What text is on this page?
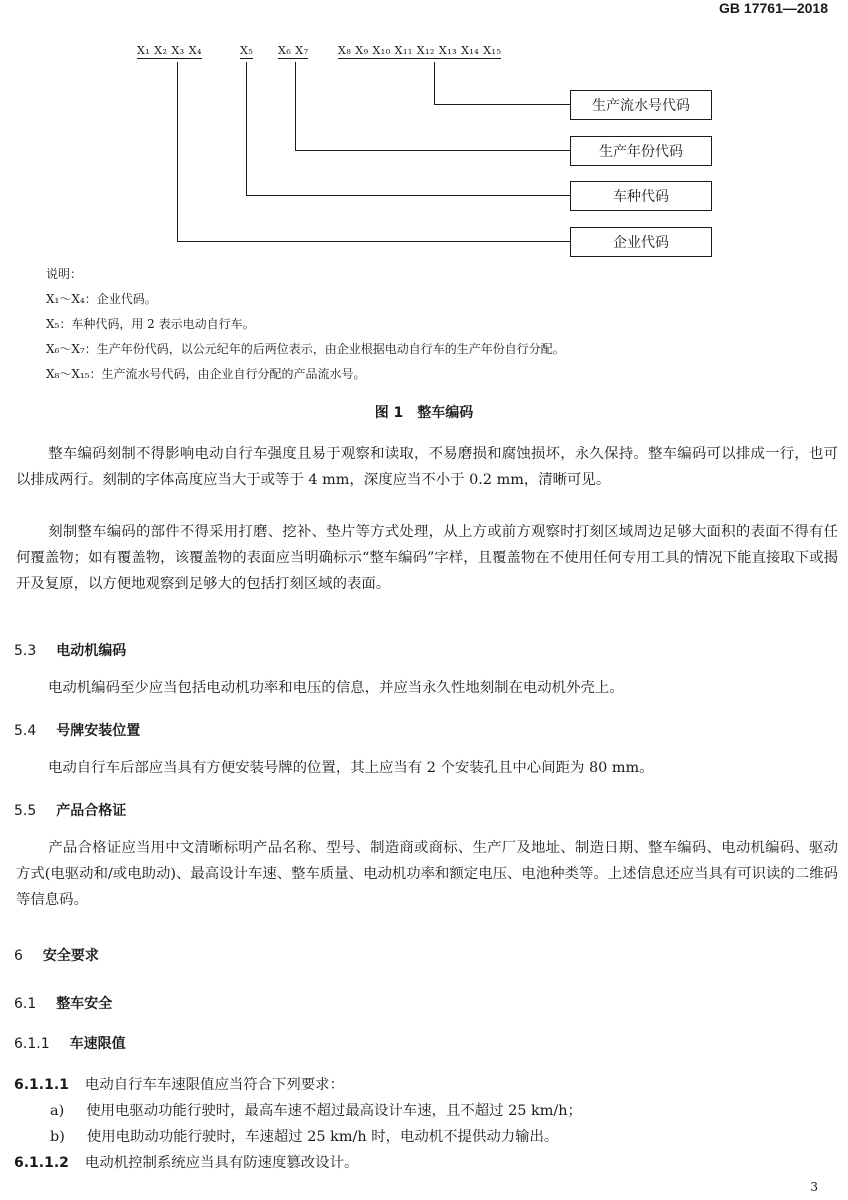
GB 17761—2018
X₁ X₂ X₃ X₄	X₅ X₆ X₇	X₈ X₉ X₁₀ X₁₁ X₁₂ X₁₃ X₁₄ X₁₅
生产流水号代码
生产年份代码
车种代码
企业代码
说明：
X₁～X₄：企业代码。
X₅：车种代码，用 2 表示电动自行车。
X₆～X₇：生产年份代码，以公元纪年的后两位表示，由企业根据电动自行车的生产年份自行分配。
X₈～X₁₅：生产流水号代码，由企业自行分配的产品流水号。
图 1　整车编码
整车编码刻制不得影响电动自行车强度且易于观察和读取，不易磨损和腐蚀损坏，永久保持。整车编码可以排成一行，也可以排成两行。刻制的字体高度应当大于或等于 4 mm，深度应当不小于 0.2 mm，清晰可见。
刻制整车编码的部件不得采用打磨、挖补、垫片等方式处理，从上方或前方观察时打刻区域周边足够大面积的表面不得有任何覆盖物；如有覆盖物，该覆盖物的表面应当明确标示“整车编码”字样，且覆盖物在不使用任何专用工具的情况下能直接取下或揭开及复原，以方便地观察到足够大的包括打刻区域的表面。
5.3 电动机编码
电动机编码至少应当包括电动机功率和电压的信息，并应当永久性地刻制在电动机外壳上。
5.4 号牌安装位置
电动自行车后部应当具有方便安装号牌的位置，其上应当有 2 个安装孔且中心间距为 80 mm。
5.5 产品合格证
产品合格证应当用中文清晰标明产品名称、型号、制造商或商标、生产厂及地址、制造日期、整车编码、电动机编码、驱动方式(电驱动和/或电助动)、最高设计车速、整车质量、电动机功率和额定电压、电池种类等。上述信息还应当具有可识读的二维码等信息码。
6 安全要求
6.1 整车安全
6.1.1 车速限值
6.1.1.1 电动自行车车速限值应当符合下列要求：
a) 使用电驱动功能行驶时，最高车速不超过最高设计车速，且不超过 25 km/h；
b) 使用电助动功能行驶时，车速超过 25 km/h 时，电动机不提供动力输出。
6.1.1.2 电动机控制系统应当具有防速度篡改设计。
3
